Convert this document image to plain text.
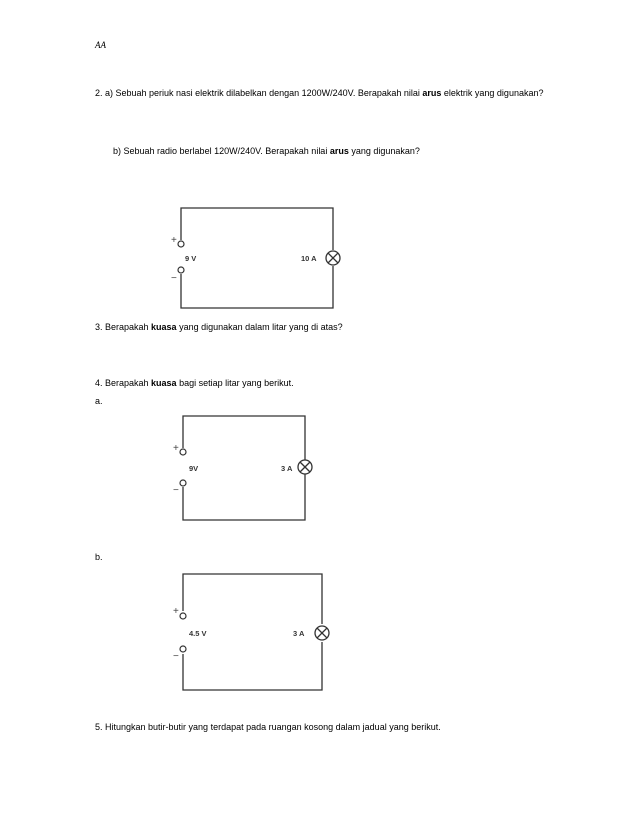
AA
2. a) Sebuah periuk nasi elektrik dilabelkan dengan 1200W/240V. Berapakah nilai arus elektrik yang digunakan?
b) Sebuah radio berlabel 120W/240V. Berapakah nilai arus yang digunakan?
+
−
9 V	10 A
3. Berapakah kuasa yang digunakan dalam litar yang di atas?
4. Berapakah kuasa bagi setiap litar yang berikut.
a.
+
−
9V	3 A
b.
+
−
4.5 V	3 A
5. Hitungkan butir-butir yang terdapat pada ruangan kosong dalam jadual yang berikut.
